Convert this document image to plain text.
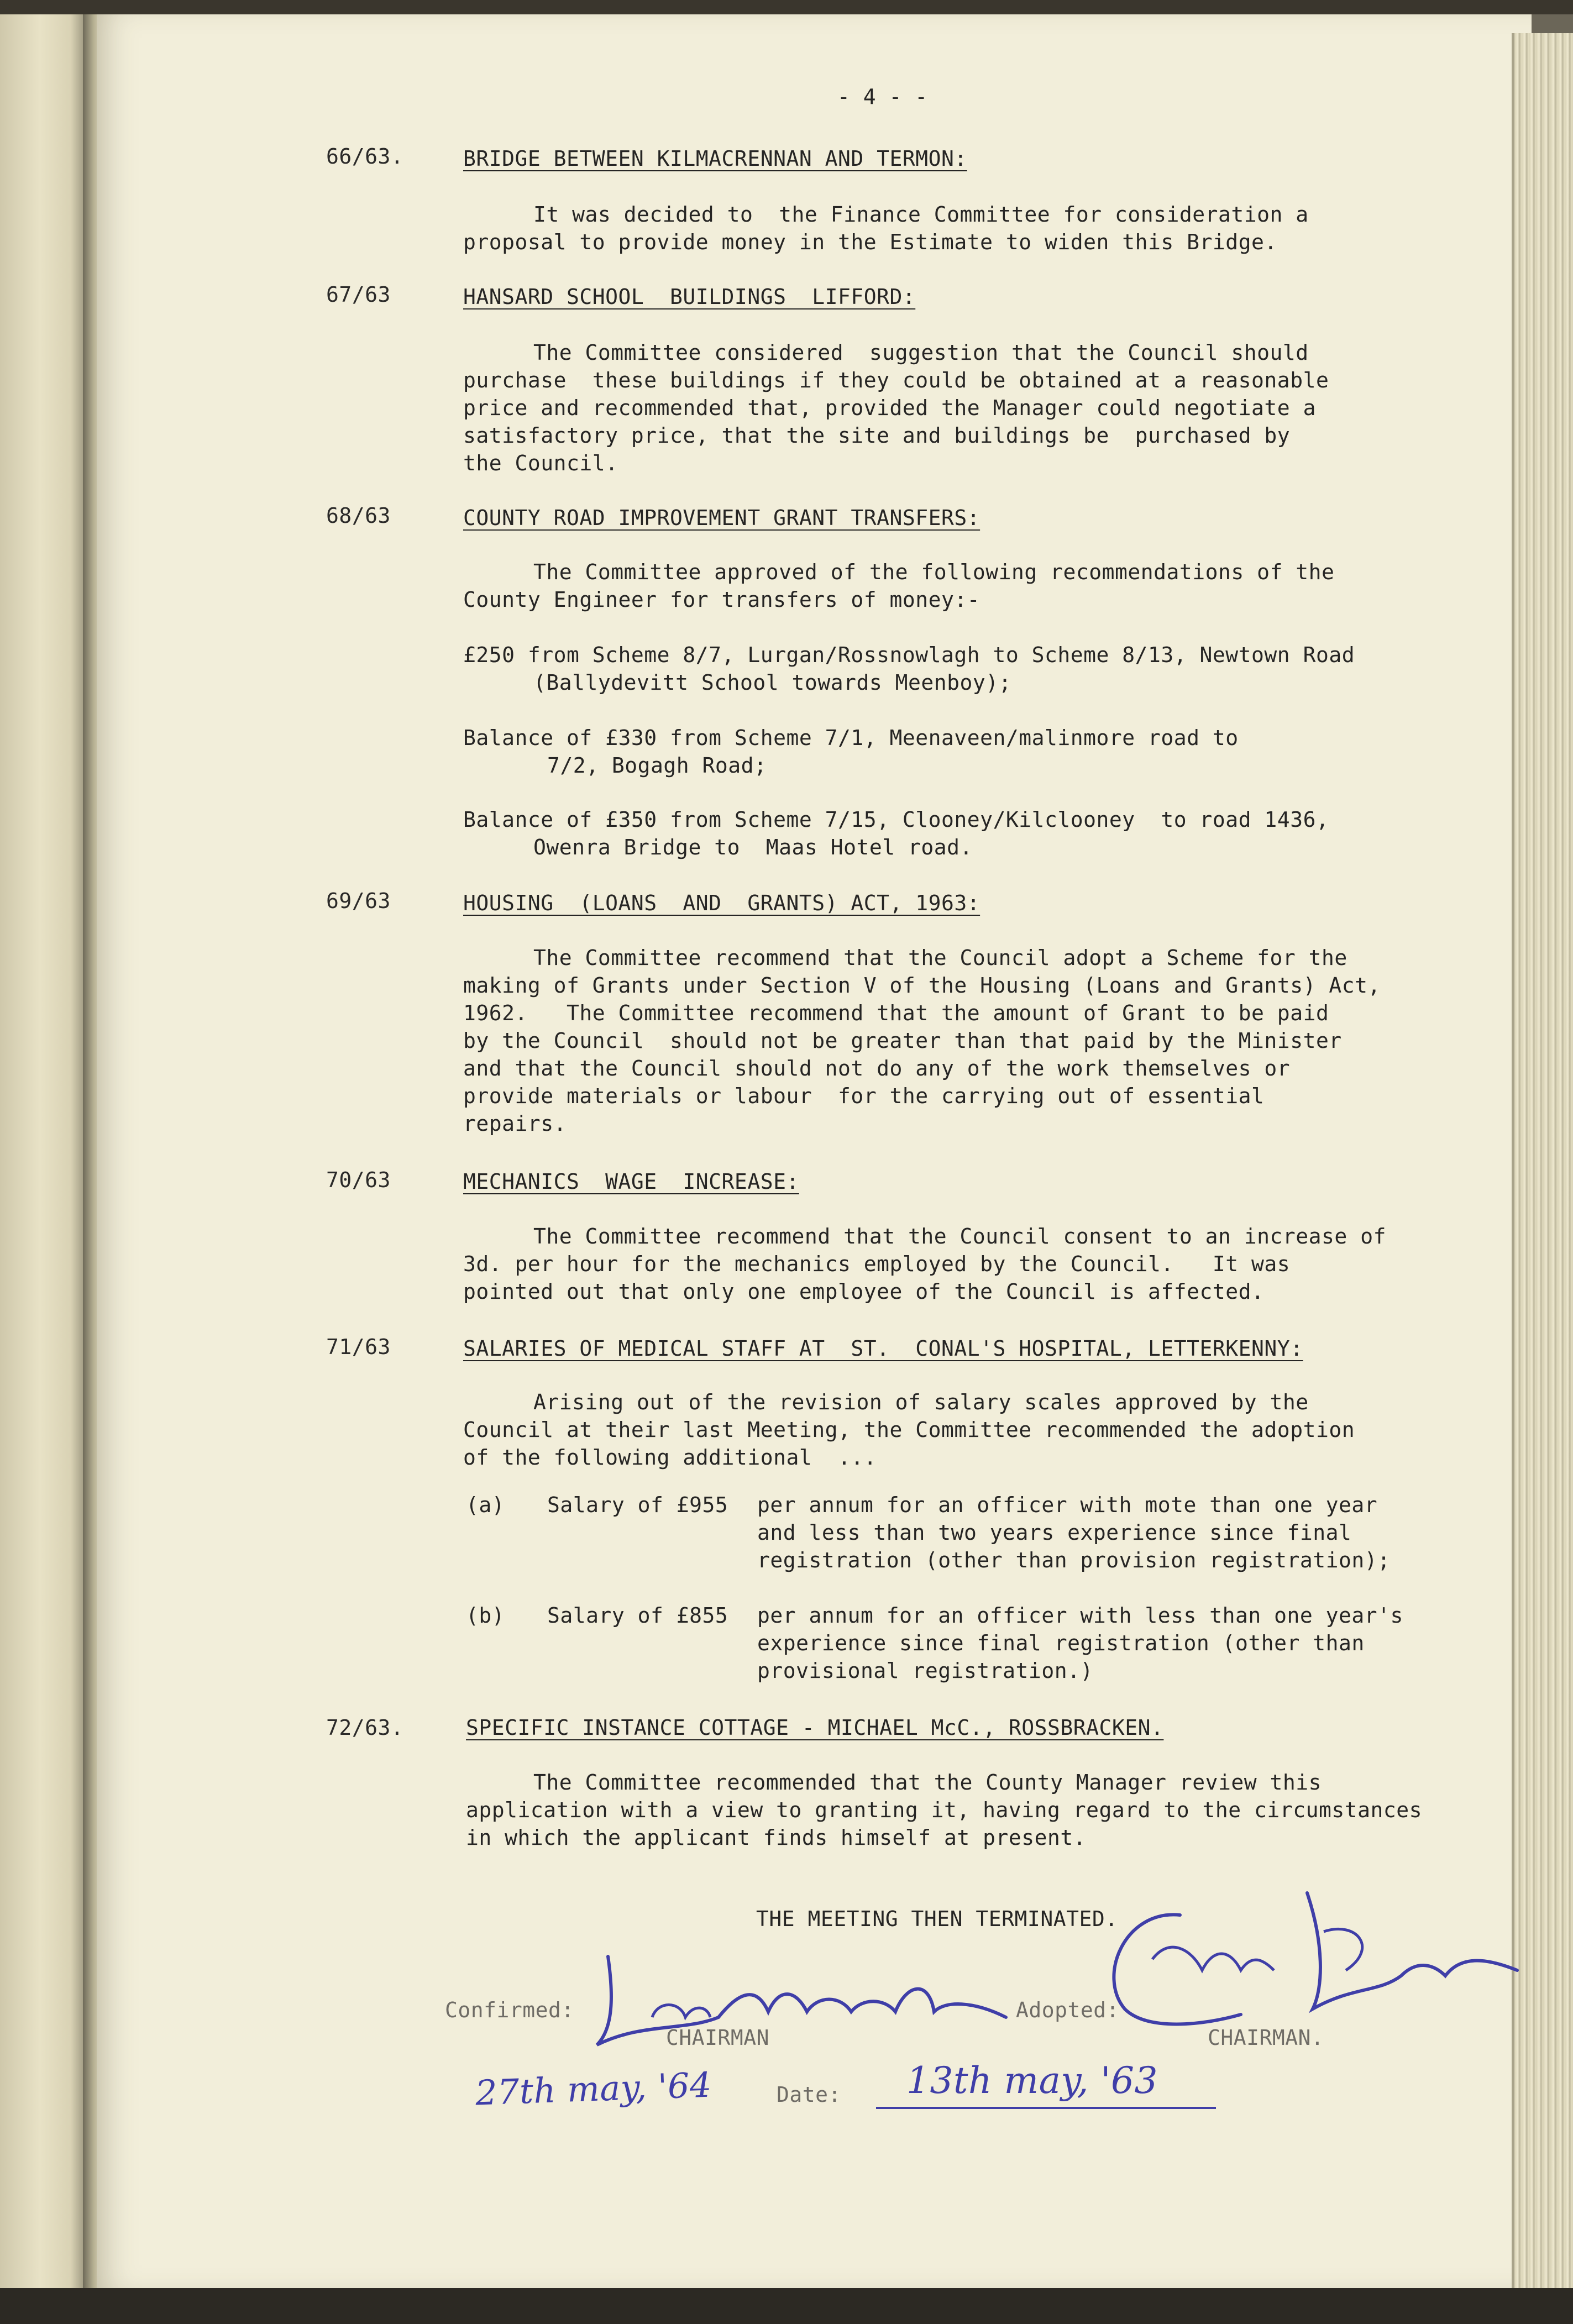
- 4 - -
66/63.	BRIDGE BETWEEN KILMACRENNAN AND TERMON:
It was decided to  the Finance Committee for consideration a
proposal to provide money in the Estimate to widen this Bridge.
67/63	HANSARD SCHOOL  BUILDINGS  LIFFORD:
The Committee considered  suggestion that the Council should
purchase  these buildings if they could be obtained at a reasonable
price and recommended that, provided the Manager could negotiate a
satisfactory price, that the site and buildings be  purchased by
the Council.
68/63	COUNTY ROAD IMPROVEMENT GRANT TRANSFERS:
The Committee approved of the following recommendations of the
County Engineer for transfers of money:-
£250 from Scheme 8/7, Lurgan/Rossnowlagh to Scheme 8/13, Newtown Road
(Ballydevitt School towards Meenboy);
Balance of £330 from Scheme 7/1, Meenaveen/malinmore road to
7/2, Bogagh Road;
Balance of £350 from Scheme 7/15, Clooney/Kilclooney  to road 1436,
Owenra Bridge to  Maas Hotel road.
69/63	HOUSING  (LOANS  AND  GRANTS) ACT, 1963:
The Committee recommend that the Council adopt a Scheme for the
making of Grants under Section V of the Housing (Loans and Grants) Act,
1962.   The Committee recommend that the amount of Grant to be paid
by the Council  should not be greater than that paid by the Minister
and that the Council should not do any of the work themselves or
provide materials or labour  for the carrying out of essential
repairs.
70/63	MECHANICS  WAGE  INCREASE:
The Committee recommend that the Council consent to an increase of
3d. per hour for the mechanics employed by the Council.   It was
pointed out that only one employee of the Council is affected.
71/63	SALARIES OF MEDICAL STAFF AT  ST.  CONAL'S HOSPITAL, LETTERKENNY:
Arising out of the revision of salary scales approved by the
Council at their last Meeting, the Committee recommended the adoption
of the following additional  ...
(a) Salary of £955 per annum for an officer with mote than one year
and less than two years experience since final
registration (other than provision registration);
(b) Salary of £855 per annum for an officer with less than one year's
experience since final registration (other than
provisional registration.)
72/63.	SPECIFIC INSTANCE COTTAGE - MICHAEL McC., ROSSBRACKEN.
The Committee recommended that the County Manager review this
application with a view to granting it, having regard to the circumstances
in which the applicant finds himself at present.
THE MEETING THEN TERMINATED.
Confirmed:
CHAIRMAN
Adopted:
CHAIRMAN.
Date:
27th may, '64	13th may, '63
